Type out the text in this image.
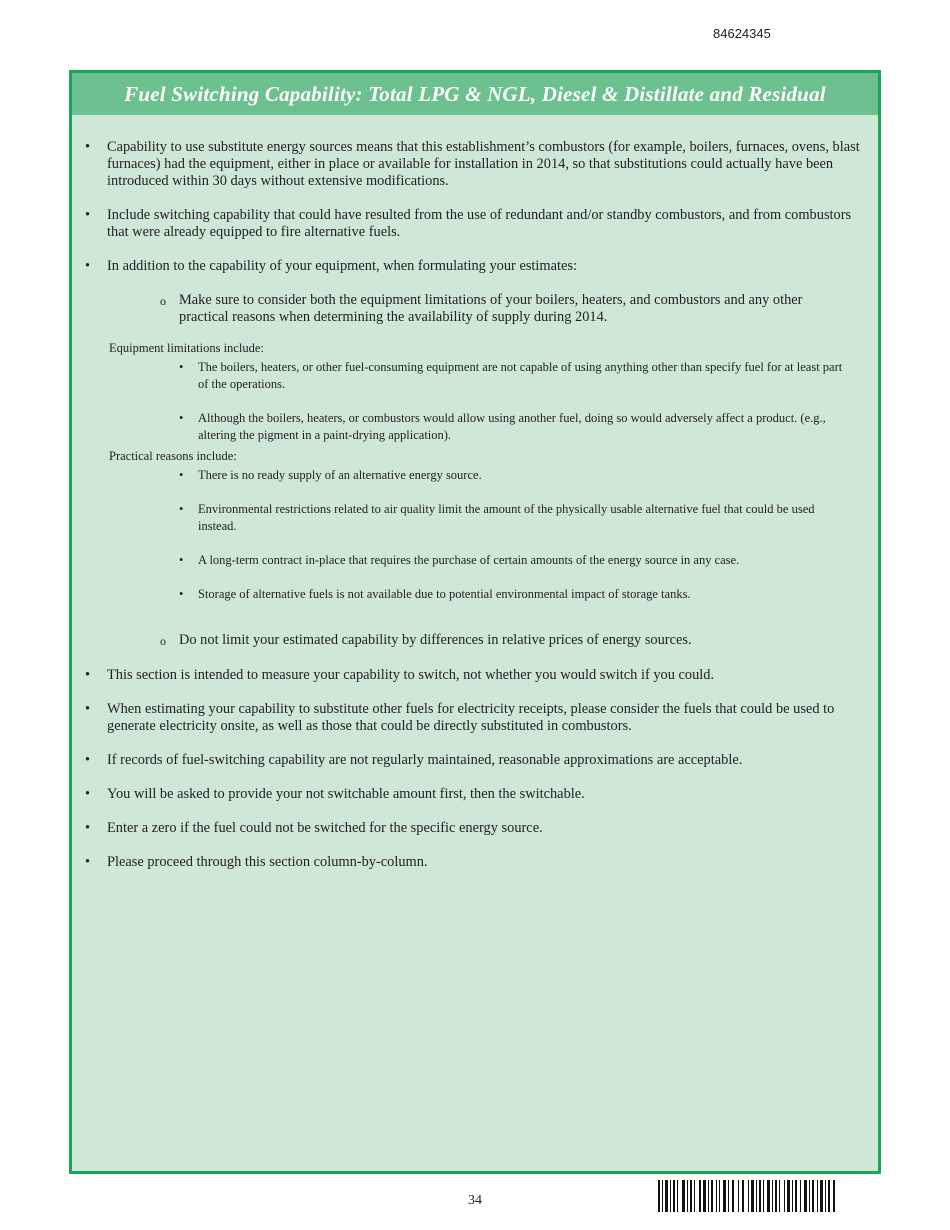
84624345
Fuel Switching Capability: Total LPG & NGL, Diesel & Distillate and Residual
•	Capability to use substitute energy sources means that this establishment’s combustors (for example, boilers, furnaces, ovens, blast furnaces) had the equipment, either in place or available for installation in 2014, so that substitutions could actually have been introduced within 30 days without extensive modifications.
•	Include switching capability that could have resulted from the use of redundant and/or standby combustors, and from combustors that were already equipped to fire alternative fuels.
•	In addition to the capability of your equipment, when formulating your estimates:
o Make sure to consider both the equipment limitations of your boilers, heaters, and combustors and any other practical reasons when determining the availability of supply during 2014.
Equipment limitations include:
•	The boilers, heaters, or other fuel-consuming equipment are not capable of using anything other than specify fuel for at least part of the operations.
•	Although the boilers, heaters, or combustors would allow using another fuel, doing so would adversely affect a product. (e.g., altering the pigment in a paint-drying application).
Practical reasons include:
•	There is no ready supply of an alternative energy source.
•	Environmental restrictions related to air quality limit the amount of the physically usable alternative fuel that could be used instead.
•	A long-term contract in-place that requires the purchase of certain amounts of the energy source in any case.
•	Storage of alternative fuels is not available due to potential environmental impact of storage tanks.
o Do not limit your estimated capability by differences in relative prices of energy sources.
•	This section is intended to measure your capability to switch, not whether you would switch if you could.
•	When estimating your capability to substitute other fuels for electricity receipts, please consider the fuels that could be used to generate electricity onsite, as well as those that could be directly substituted in combustors.
•	If records of fuel-switching capability are not regularly maintained, reasonable approximations are acceptable.
•	You will be asked to provide your not switchable amount first, then the switchable.
•	Enter a zero if the fuel could not be switched for the specific energy source.
•	Please proceed through this section column-by-column.
34
